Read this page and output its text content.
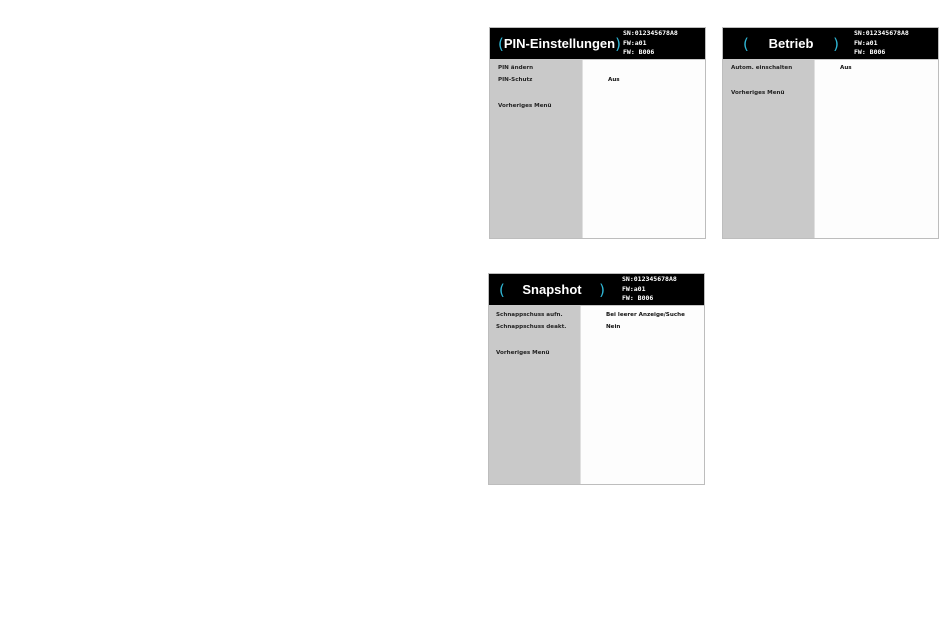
( PIN-Einstellungen )
SN:012345678A8
FW:a01
FW: B006
PIN ändern
PIN-Schutz	Aus
Vorheriges Menü
( Betrieb )
SN:012345678A8
FW:a01
FW: B006
Autom. einschalten	Aus
Vorheriges Menü
( Snapshot )
SN:012345678A8
FW:a01
FW: B006
Schnappschuss aufn.	Bei leerer Anzeige/Suche
Schnappschuss deakt.	Nein
Vorheriges Menü
